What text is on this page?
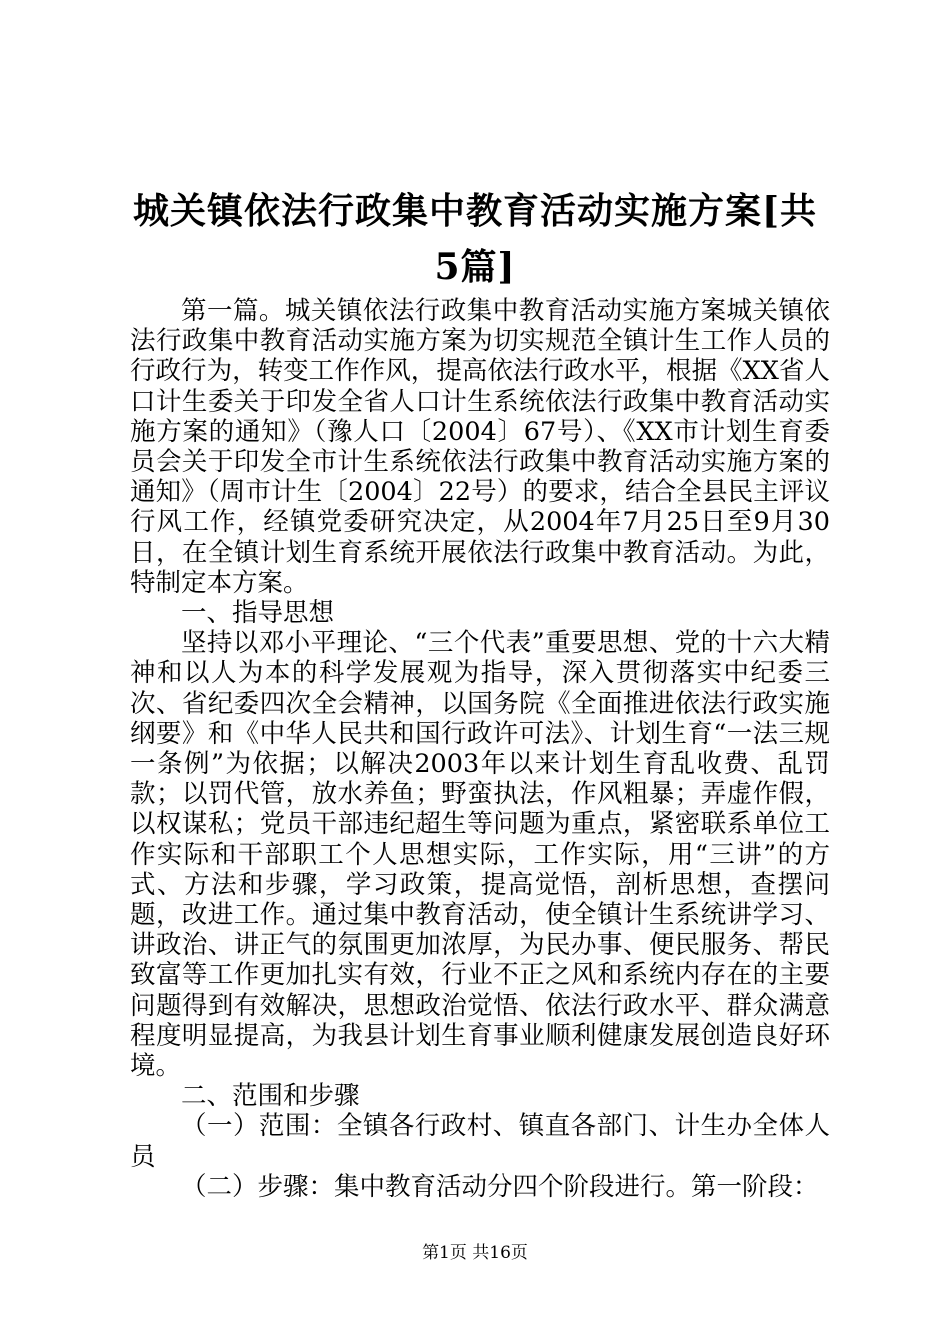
城关镇依法行政集中教育活动实施方案[共5篇]

第一篇。城关镇依法行政集中教育活动实施方案城关镇依法行政集中教育活动实施方案为切实规范全镇计生工作人员的行政行为，转变工作作风，提高依法行政水平，根据《XX省人口计生委关于印发全省人口计生系统依法行政集中教育活动实施方案的通知》（豫人口〔2004〕67号）、《XX市计划生育委员会关于印发全市计生系统依法行政集中教育活动实施方案的通知》（周市计生〔2004〕22号）的要求，结合全县民主评议行风工作，经镇党委研究决定，从2004年7月25日至9月30日，在全镇计划生育系统开展依法行政集中教育活动。为此，特制定本方案。

一、指导思想

坚持以邓小平理论、“三个代表”重要思想、党的十六大精神和以人为本的科学发展观为指导，深入贯彻落实中纪委三次、省纪委四次全会精神，以国务院《全面推进依法行政实施纲要》和《中华人民共和国行政许可法》、计划生育“一法三规一条例”为依据；以解决2003年以来计划生育乱收费、乱罚款；以罚代管，放水养鱼；野蛮执法，作风粗暴；弄虚作假，以权谋私；党员干部违纪超生等问题为重点，紧密联系单位工作实际和干部职工个人思想实际，工作实际，用“三讲”的方式、方法和步骤，学习政策，提高觉悟，剖析思想，查摆问题，改进工作。通过集中教育活动，使全镇计生系统讲学习、讲政治、讲正气的氛围更加浓厚，为民办事、便民服务、帮民致富等工作更加扎实有效，行业不正之风和系统内存在的主要问题得到有效解决，思想政治觉悟、依法行政水平、群众满意程度明显提高，为我县计划生育事业顺利健康发展创造良好环境。

二、范围和步骤

（一）范围：全镇各行政村、镇直各部门、计生办全体人员

（二）步骤：集中教育活动分四个阶段进行。第一阶段：

第1页 共16页
